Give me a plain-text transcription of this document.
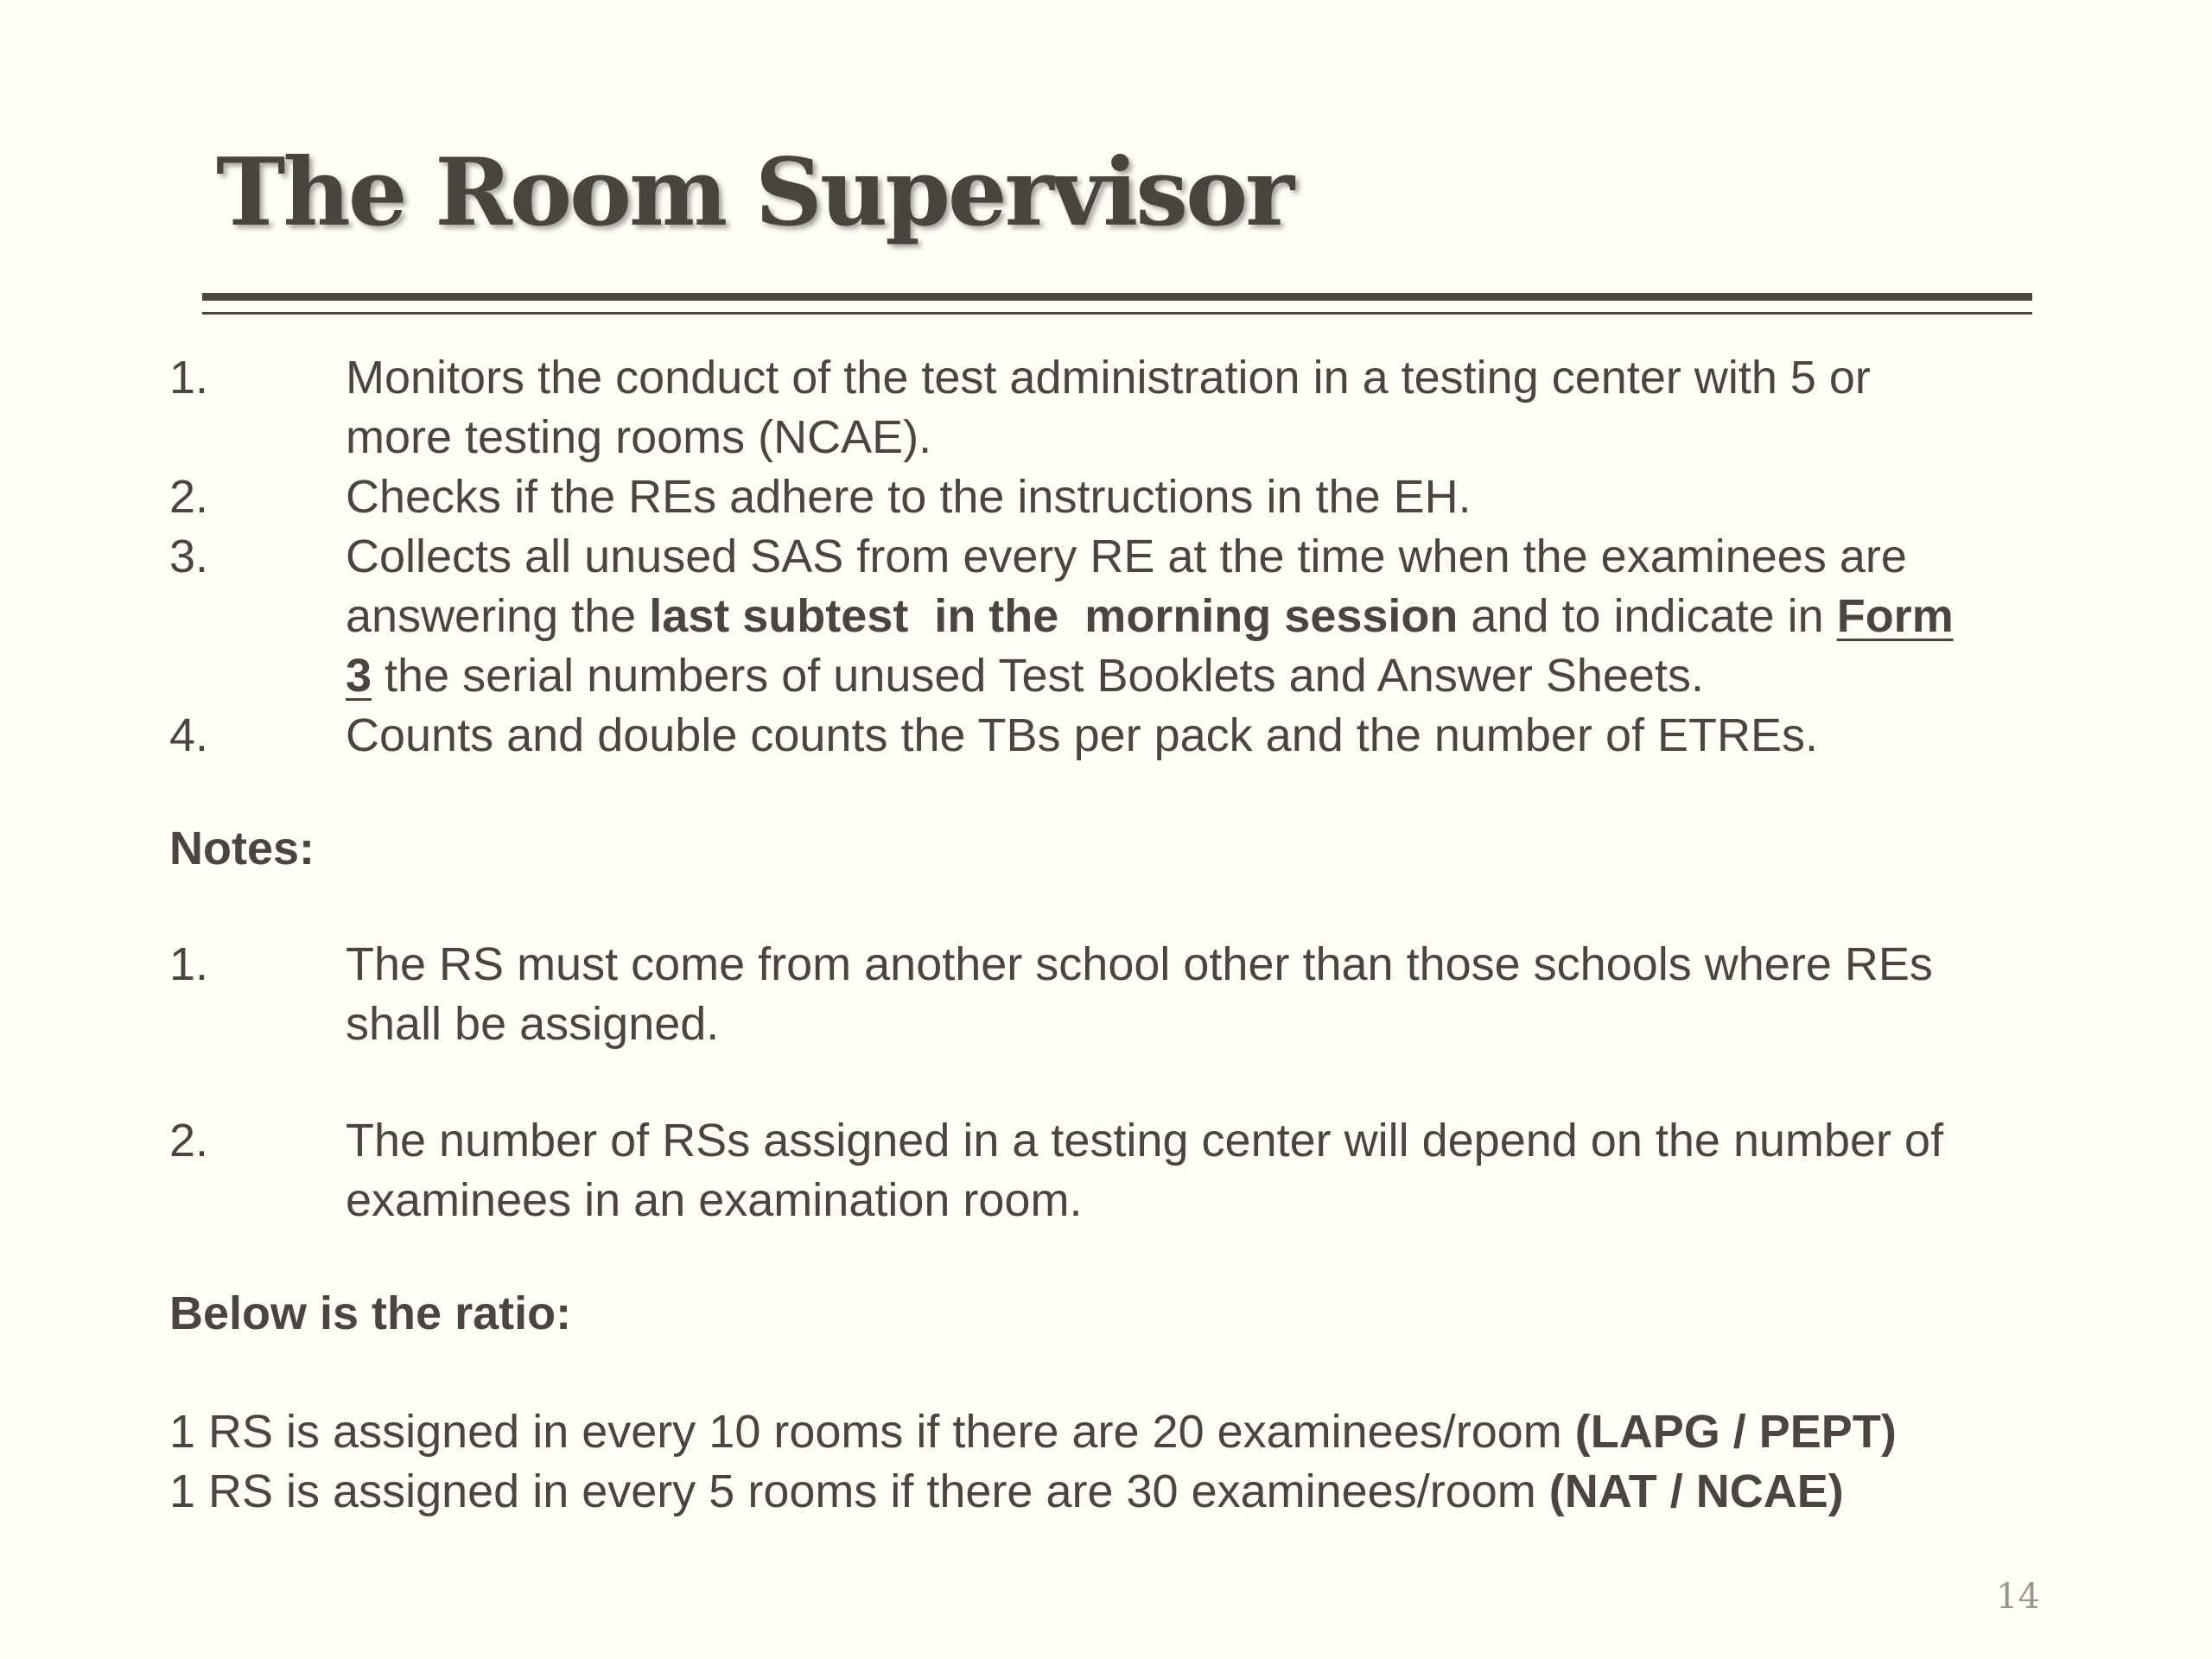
The Room Supervisor
1.	Monitors the conduct of the test administration in a testing center with 5 or
more testing rooms (NCAE).
2.	Checks if the REs adhere to the instructions in the EH.
3.	Collects all unused SAS from every RE at the time when the examinees are
answering the last subtest  in the  morning session and to indicate in Form
3 the serial numbers of unused Test Booklets and Answer Sheets.
4.	Counts and double counts the TBs per pack and the number of ETREs.
Notes:
1.	The RS must come from another school other than those schools where REs
shall be assigned.
2.	The number of RSs assigned in a testing center will depend on the number of
examinees in an examination room.
Below is the ratio:
1 RS is assigned in every 10 rooms if there are 20 examinees/room (LAPG / PEPT)
1 RS is assigned in every 5 rooms if there are 30 examinees/room (NAT / NCAE)
14
